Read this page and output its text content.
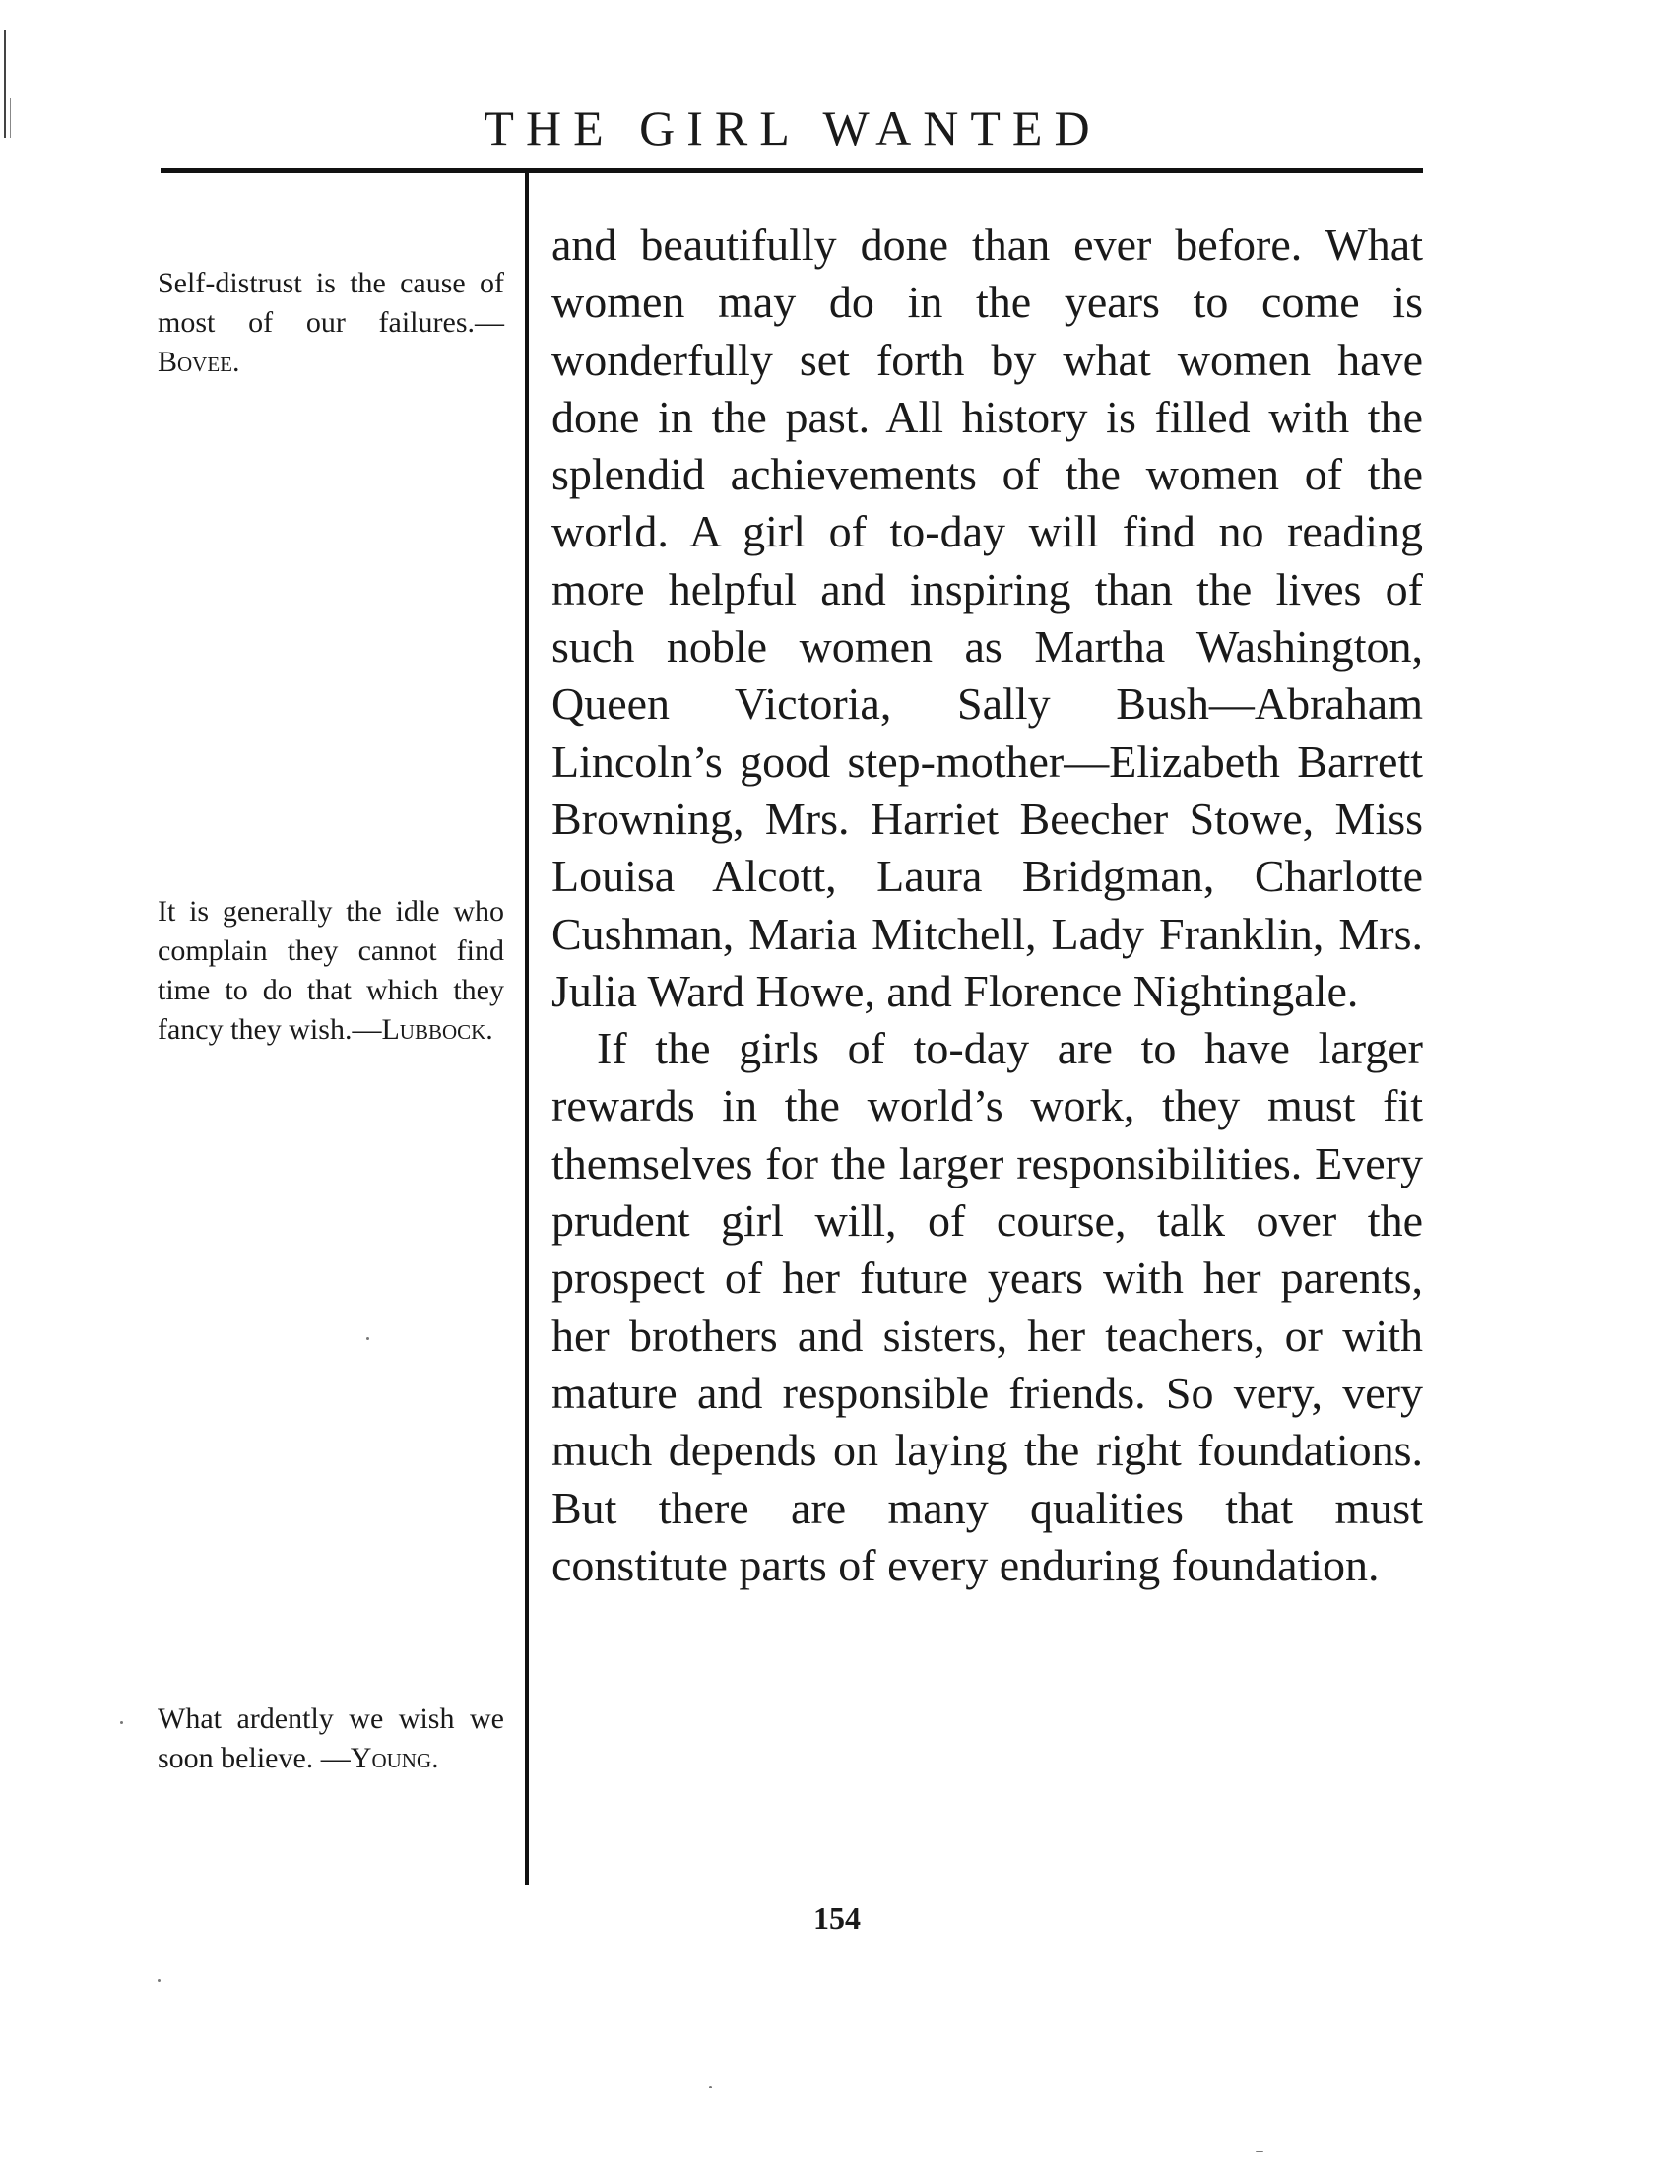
THE GIRL WANTED
Self-distrust is the cause of most of our failures.—Bovee.
It is generally the idle who complain they cannot find time to do that which they fancy they wish.—Lubbock.
What ardently we wish we soon believe. —Young.

and beautifully done than ever before. What women may do in the years to come is wonderfully set forth by what women have done in the past. All history is filled with the splendid achievements of the women of the world. A girl of to-day will find no reading more helpful and inspiring than the lives of such noble women as Martha Washington, Queen Victoria, Sally Bush—Abraham Lincoln’s good step-mother—Elizabeth Barrett Browning, Mrs. Harriet Beecher Stowe, Miss Louisa Alcott, Laura Bridgman, Charlotte Cushman, Maria Mitchell, Lady Franklin, Mrs. Julia Ward Howe, and Florence Nightingale.

If the girls of to-day are to have larger rewards in the world’s work, they must fit themselves for the larger responsibilities. Every prudent girl will, of course, talk over the prospect of her future years with her parents, her brothers and sisters, her teachers, or with mature and responsible friends. So very, very much depends on laying the right foundations. But there are many qualities that must constitute parts of every enduring foundation.

154
